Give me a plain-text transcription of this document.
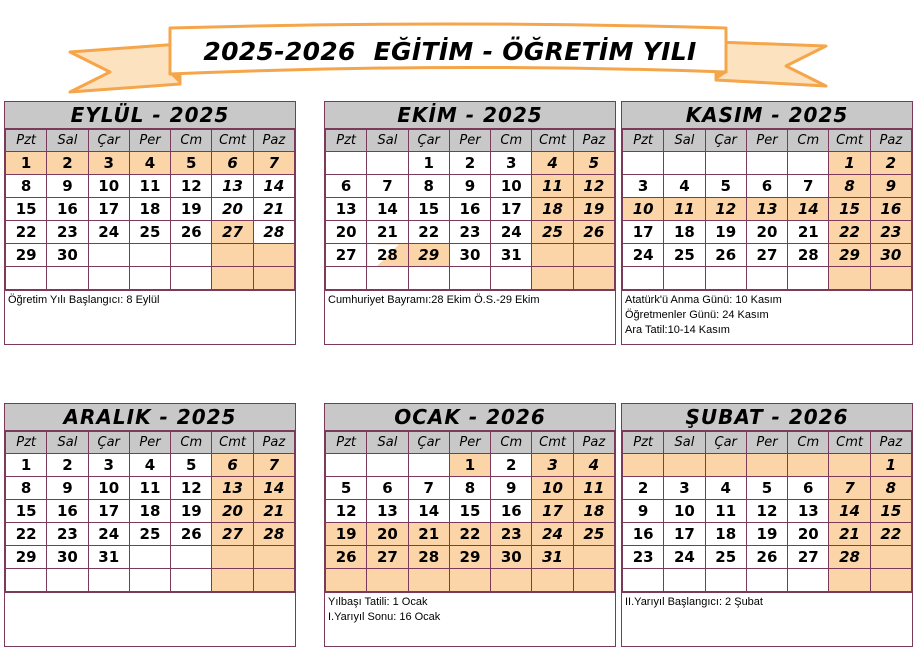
2025-2026  EĞİTİM - ÖĞRETİM YILI
EYLÜL - 2025
Pzt	Sal	Çar	Per	Cm	Cmt	Paz
1	2	3	4	5	6	7
8	9	10	11	12	13	14
15	16	17	18	19	20	21
22	23	24	25	26	27	28
29	30					

Öğretim Yılı Başlangıcı: 8 Eylül
EKİM - 2025
Pzt	Sal	Çar	Per	Cm	Cmt	Paz
		1	2	3	4	5
6	7	8	9	10	11	12
13	14	15	16	17	18	19
20	21	22	23	24	25	26
27	28	29	30	31		

Cumhuriyet Bayramı:28 Ekim Ö.S.-29 Ekim
KASIM - 2025
Pzt	Sal	Çar	Per	Cm	Cmt	Paz
					1	2
3	4	5	6	7	8	9
10	11	12	13	14	15	16
17	18	19	20	21	22	23
24	25	26	27	28	29	30

Atatürk'ü Anma Günü: 10 Kasım
Öğretmenler Günü: 24 Kasım
Ara Tatil:10-14 Kasım
ARALIK - 2025
Pzt	Sal	Çar	Per	Cm	Cmt	Paz
1	2	3	4	5	6	7
8	9	10	11	12	13	14
15	16	17	18	19	20	21
22	23	24	25	26	27	28
29	30	31				

OCAK - 2026
Pzt	Sal	Çar	Per	Cm	Cmt	Paz
			1	2	3	4
5	6	7	8	9	10	11
12	13	14	15	16	17	18
19	20	21	22	23	24	25
26	27	28	29	30	31	

Yılbaşı Tatili: 1 Ocak
I.Yarıyıl Sonu: 16 Ocak
ŞUBAT - 2026
Pzt	Sal	Çar	Per	Cm	Cmt	Paz
						1
2	3	4	5	6	7	8
9	10	11	12	13	14	15
16	17	18	19	20	21	22
23	24	25	26	27	28	

II.Yarıyıl Başlangıcı: 2 Şubat
